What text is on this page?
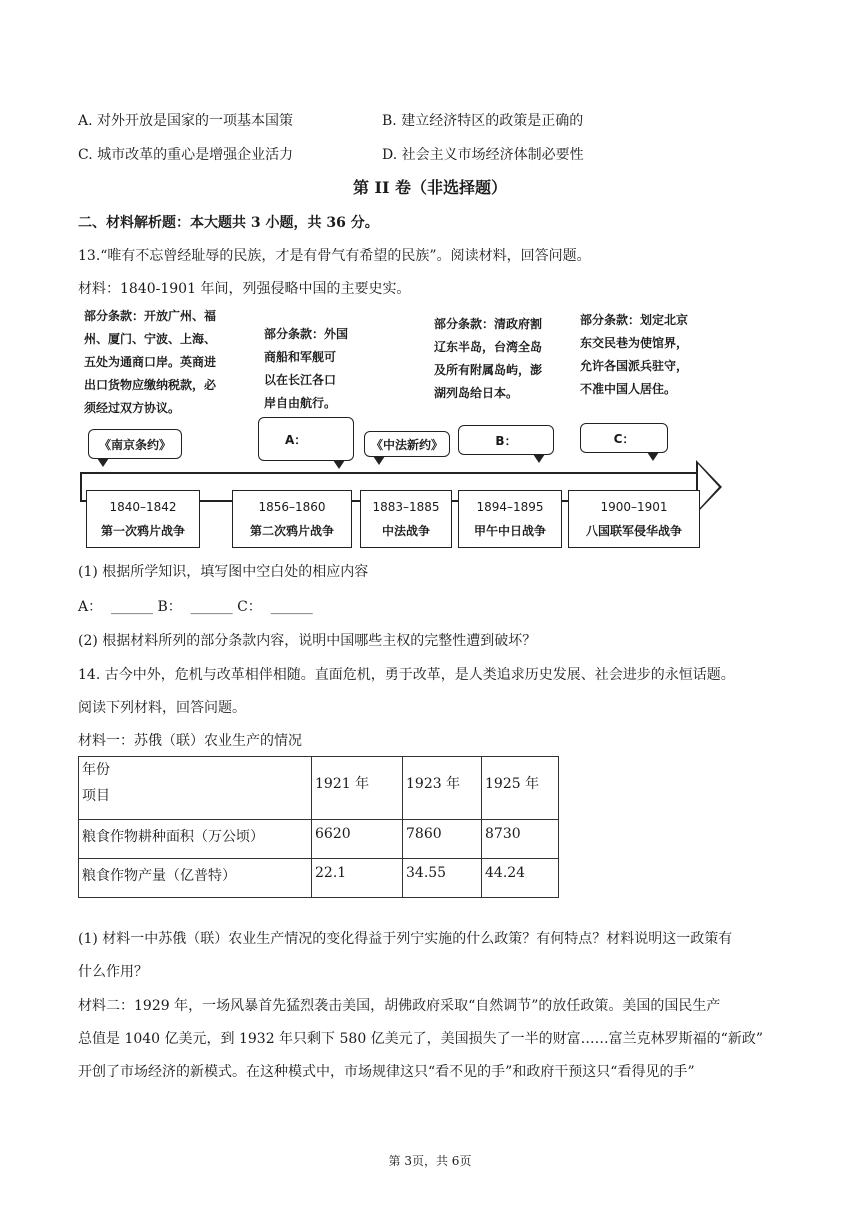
A. 对外开放是国家的一项基本国策	B. 建立经济特区的政策是正确的
C. 城市改革的重心是增强企业活力	D. 社会主义市场经济体制必要性
第 II 卷（非选择题）
二、材料解析题：本大题共 3 小题，共 36 分。
13.“唯有不忘曾经耻辱的民族，才是有骨气有希望的民族”。阅读材料，回答问题。
材料：1840-1901 年间，列强侵略中国的主要史实。
部分条款：开放广州、福
州、厦门、宁波、上海、
五处为通商口岸。英商进
出口货物应缴纳税款，必
须经过双方协议。
部分条款：外国
商船和军舰可
以在长江各口
岸自由航行。
部分条款：清政府割
辽东半岛，台湾全岛
及所有附属岛屿，澎
湖列岛给日本。
部分条款：划定北京
东交民巷为使馆界，
允许各国派兵驻守，
不准中国人居住。
《南京条约》	A：	《中法新约》	B：	C：
1840–1842
第一次鸦片战争
1856–1860
第二次鸦片战争
1883–1885
中法战争
1894–1895
甲午中日战争
1900–1901
八国联军侵华战争
(1) 根据所学知识，填写图中空白处的相应内容
A：  ______ B：  ______ C：  ______
(2) 根据材料所列的部分条款内容，说明中国哪些主权的完整性遭到破坏？
14. 古今中外，危机与改革相伴相随。直面危机，勇于改革，是人类追求历史发展、社会进步的永恒话题。
阅读下列材料，回答问题。
材料一：苏俄（联）农业生产的情况
年份
项目	1921 年	1923 年	1925 年
粮食作物耕种面积（万公顷）	6620	7860	8730
粮食作物产量（亿普特）	22.1	34.55	44.24
(1) 材料一中苏俄（联）农业生产情况的变化得益于列宁实施的什么政策？有何特点？材料说明这一政策有
什么作用？
材料二：1929 年，一场风暴首先猛烈袭击美国，胡佛政府采取“自然调节”的放任政策。美国的国民生产
总值是 1040 亿美元，到 1932 年只剩下 580 亿美元了，美国损失了一半的财富……富兰克林罗斯福的“新政”
开创了市场经济的新模式。在这种模式中，市场规律这只“看不见的手”和政府干预这只“看得见的手”
第 3页，共 6页
